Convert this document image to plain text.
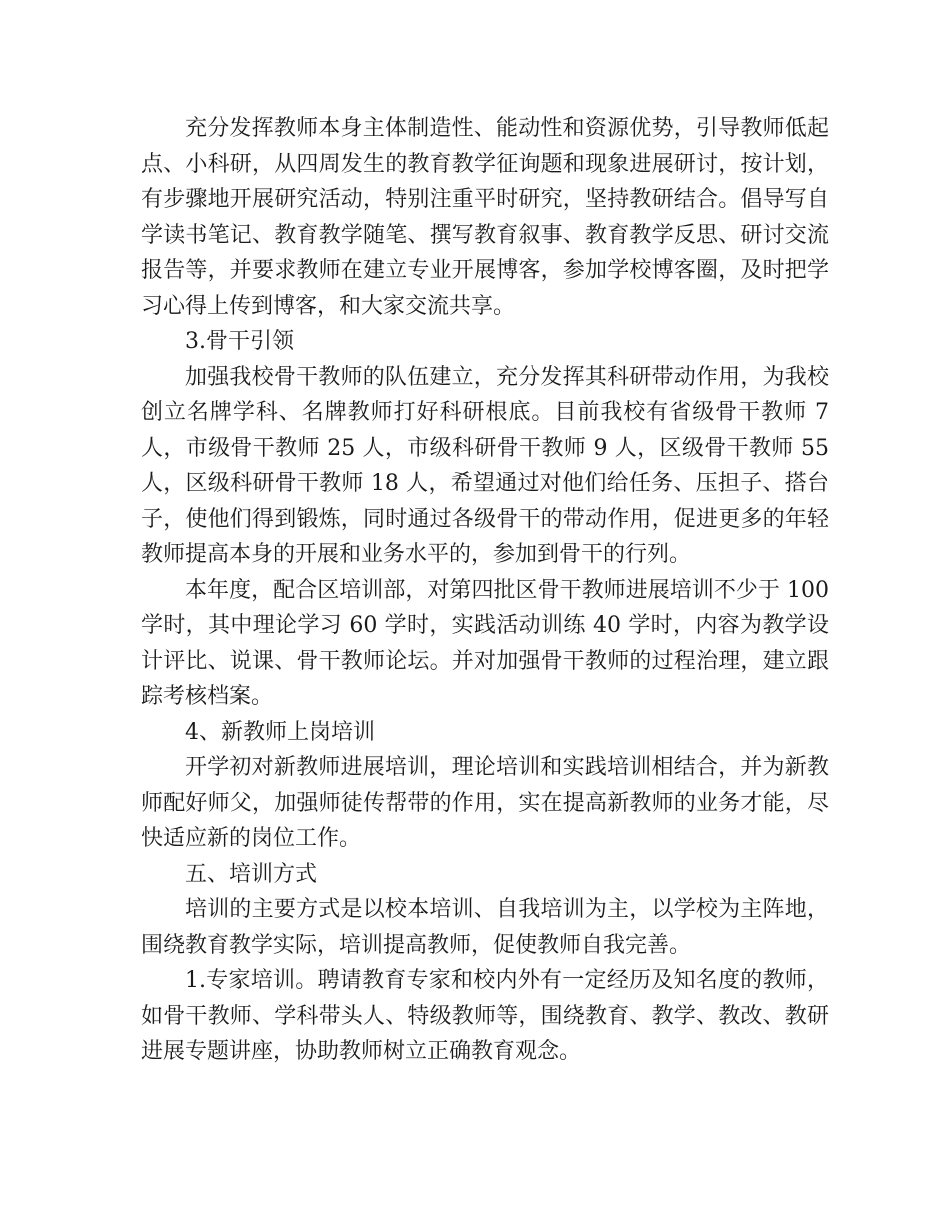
充分发挥教师本身主体制造性、能动性和资源优势，引导教师低起点、小科研，从四周发生的教育教学征询题和现象进展研讨，按计划，有步骤地开展研究活动，特别注重平时研究，坚持教研结合。倡导写自学读书笔记、教育教学随笔、撰写教育叙事、教育教学反思、研讨交流报告等，并要求教师在建立专业开展博客，参加学校博客圈，及时把学习心得上传到博客，和大家交流共享。

3.骨干引领

加强我校骨干教师的队伍建立，充分发挥其科研带动作用，为我校创立名牌学科、名牌教师打好科研根底。目前我校有省级骨干教师 7 人，市级骨干教师 25 人，市级科研骨干教师 9 人，区级骨干教师 55 人，区级科研骨干教师 18 人，希望通过对他们给任务、压担子、搭台子，使他们得到锻炼，同时通过各级骨干的带动作用，促进更多的年轻教师提高本身的开展和业务水平的，参加到骨干的行列。

本年度，配合区培训部，对第四批区骨干教师进展培训不少于 100 学时，其中理论学习 60 学时，实践活动训练 40 学时，内容为教学设计评比、说课、骨干教师论坛。并对加强骨干教师的过程治理，建立跟踪考核档案。

4、新教师上岗培训

开学初对新教师进展培训，理论培训和实践培训相结合，并为新教师配好师父，加强师徒传帮带的作用，实在提高新教师的业务才能，尽快适应新的岗位工作。

五、培训方式

培训的主要方式是以校本培训、自我培训为主，以学校为主阵地，围绕教育教学实际，培训提高教师，促使教师自我完善。

1.专家培训。聘请教育专家和校内外有一定经历及知名度的教师，如骨干教师、学科带头人、特级教师等，围绕教育、教学、教改、教研进展专题讲座，协助教师树立正确教育观念。
